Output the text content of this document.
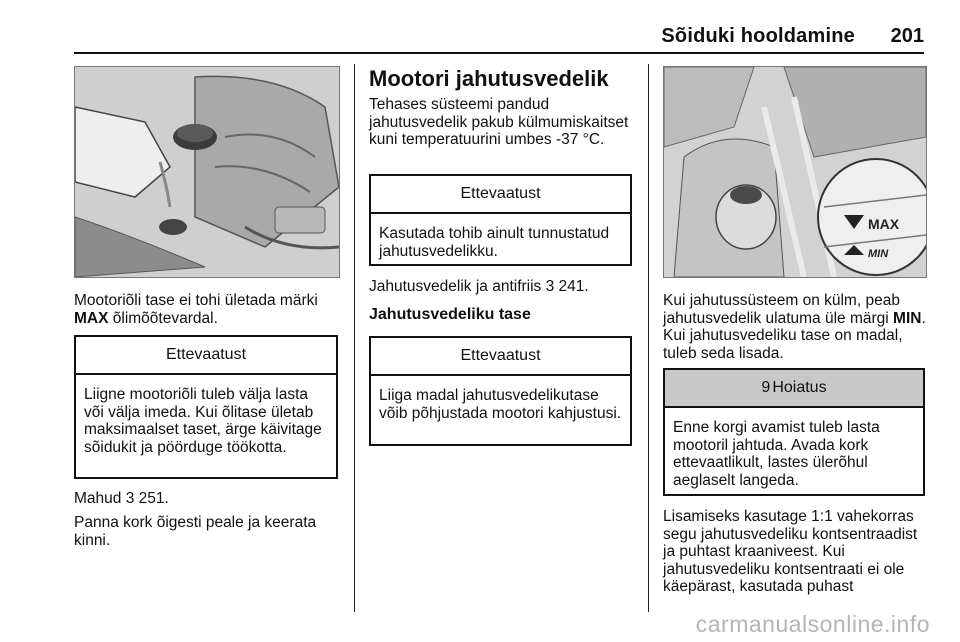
Sõiduki hooldamine 201

Mootoriõli tase ei tohi ületada märki
MAX õlimõõtevardal.

Ettevaatust
Liigne mootoriõli tuleb välja lasta või välja imeda. Kui õlitase ületab maksimaalset taset, ärge käivitage sõidukit ja pöörduge töökotta.

Mahud 3 251.

Panna kork õigesti peale ja keerata kinni.
Mootori jahutusvedelik
Tehases süsteemi pandud jahutusvedelik pakub külmumiskaitset kuni temperatuurini umbes -37 °C.
Ettevaatust
Kasutada tohib ainult tunnustatud jahutusvedelikku.

Jahutusvedelik ja antifriis 3 241.

Jahutusvedeliku tase
Ettevaatust
Liiga madal jahutusvedelikutase võib põhjustada mootori kahjustusi.
MAX
MIN

Kui jahutussüsteem on külm, peab jahutusvedelik ulatuma üle märgi MIN. Kui jahutusvedeliku tase on madal, tuleb seda lisada.

9 Hoiatus
Enne korgi avamist tuleb lasta mootoril jahtuda. Avada kork ettevaatlikult, lastes ülerõhul aeglaselt langeda.
Lisamiseks kasutage 1:1 vahekorras segu jahutusvedeliku kontsentraadist ja puhtast kraaniveest. Kui jahutusvedeliku kontsentraati ei ole käepärast, kasutada puhast
carmanualsonline.info
